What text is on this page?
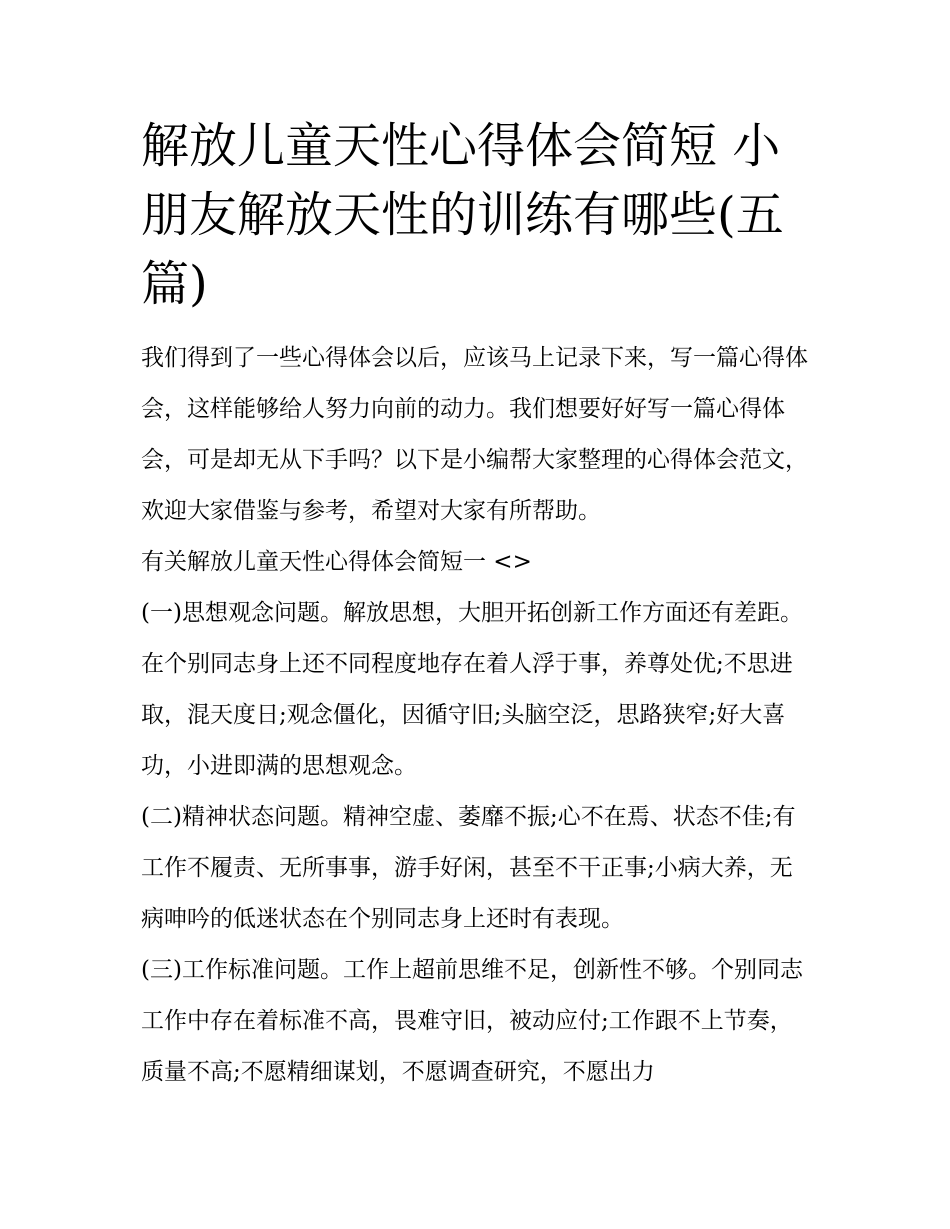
解放儿童天性心得体会简短 小朋友解放天性的训练有哪些(五篇)

我们得到了一些心得体会以后，应该马上记录下来，写一篇心得体会，这样能够给人努力向前的动力。我们想要好好写一篇心得体会，可是却无从下手吗？以下是小编帮大家整理的心得体会范文，欢迎大家借鉴与参考，希望对大家有所帮助。

有关解放儿童天性心得体会简短一 <>

(一)思想观念问题。解放思想，大胆开拓创新工作方面还有差距。在个别同志身上还不同程度地存在着人浮于事，养尊处优;不思进取，混天度日;观念僵化，因循守旧;头脑空泛，思路狭窄;好大喜功，小进即满的思想观念。

(二)精神状态问题。精神空虚、萎靡不振;心不在焉、状态不佳;有工作不履责、无所事事，游手好闲，甚至不干正事;小病大养，无病呻吟的低迷状态在个别同志身上还时有表现。

(三)工作标准问题。工作上超前思维不足，创新性不够。个别同志工作中存在着标准不高，畏难守旧，被动应付;工作跟不上节奏，质量不高;不愿精细谋划，不愿调查研究，不愿出力
